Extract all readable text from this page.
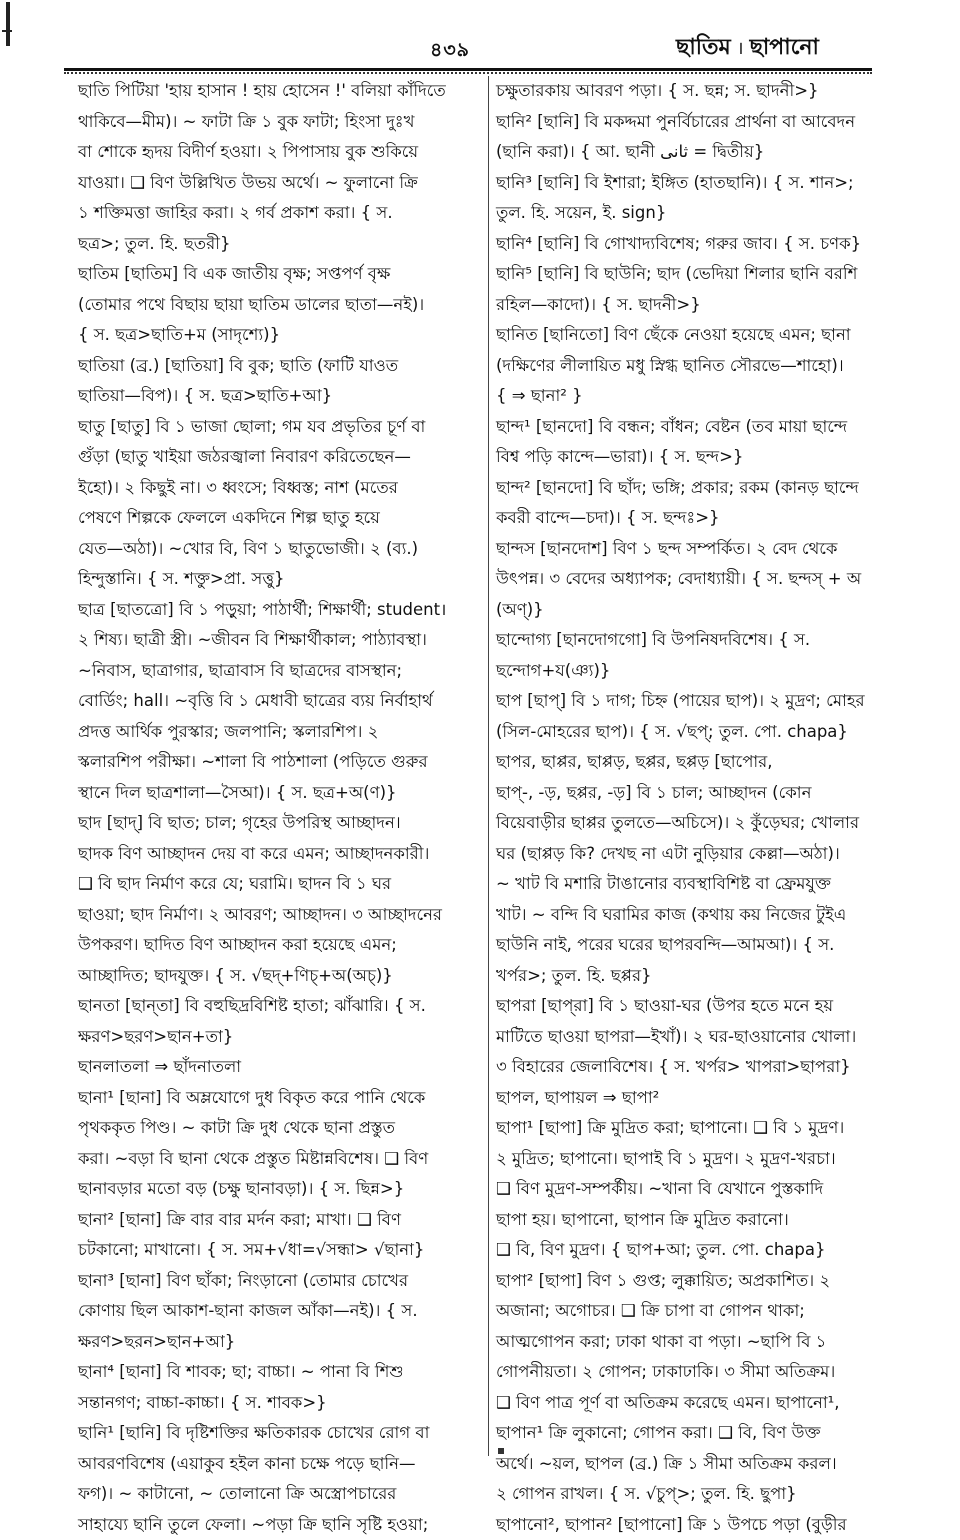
৪৩৯	ছাতিম । ছাপানো
ছাতি পিটিয়া 'হায় হাসান ! হায় হোসেন !' বলিয়া কাঁদিতে
থাকিবে—মীম)। ~ ফাটা ক্রি ১ বুক ফাটা; হিংসা দুঃখ
বা শোকে হৃদয় বিদীর্ণ হওয়া। ২ পিপাসায় বুক শুকিয়ে
যাওয়া। ❑ বিণ উল্লিখিত উভয় অর্থে। ~ ফুলানো ক্রি
১ শক্তিমত্তা জাহির করা। ২ গর্ব প্রকাশ করা। { স.
ছত্র>; তুল. হি. ছতরী}
ছাতিম [ছাতিম] বি এক জাতীয় বৃক্ষ; সপ্তপর্ণ বৃক্ষ
(তোমার পথে বিছায় ছায়া ছাতিম ডালের ছাতা—নই)।
{ স. ছত্র>ছাতি+ম (সাদৃশ্যে)}
ছাতিয়া (ব্র.) [ছাতিয়া] বি বুক; ছাতি (ফাটি যাওত
ছাতিয়া—বিপ)। { স. ছত্র>ছাতি+আ}
ছাতু [ছাতু] বি ১ ভাজা ছোলা; গম যব প্রভৃতির চূর্ণ বা
গুঁড়া (ছাতু খাইয়া জঠরজ্বালা নিবারণ করিতেছেন—
ইহো)। ২ কিছুই না। ৩ ধ্বংসে; বিধ্বস্ত; নাশ (মতের
পেষণে শিল্পকে ফেললে একদিনে শিল্প ছাতু হয়ে
যেত—অঠা)। ~খোর বি, বিণ ১ ছাতুভোজী। ২ (ব্য.)
হিন্দুস্তানি। { স. শক্তু>প্রা. সত্তু}
ছাত্র [ছাতত্রো] বি ১ পড়ুয়া; পাঠার্থী; শিক্ষার্থী; student।
২ শিষ্য। ছাত্রী স্ত্রী। ~জীবন বি শিক্ষার্থীকাল; পাঠ্যাবস্থা।
~নিবাস, ছাত্রাগার, ছাত্রাবাস বি ছাত্রদের বাসস্থান;
বোর্ডিং; hall। ~বৃত্তি বি ১ মেধাবী ছাত্রের ব্যয় নির্বাহার্থ
প্রদত্ত আর্থিক পুরস্কার; জলপানি; স্কলারশিপ। ২
স্কলারশিপ পরীক্ষা। ~শালা বি পাঠশালা (পড়িতে গুরুর
স্থানে দিল ছাত্রশালা—সৈআ)। { স. ছত্র+অ(ণ)}
ছাদ [ছাদ্] বি ছাত; চাল; গৃহের উপরিস্থ আচ্ছাদন।
ছাদক বিণ আচ্ছাদন দেয় বা করে এমন; আচ্ছাদনকারী।
❑ বি ছাদ নির্মাণ করে যে; ঘরামি। ছাদন বি ১ ঘর
ছাওয়া; ছাদ নির্মাণ। ২ আবরণ; আচ্ছাদন। ৩ আচ্ছাদনের
উপকরণ। ছাদিত বিণ আচ্ছাদন করা হয়েছে এমন;
আচ্ছাদিত; ছাদযুক্ত। { স. √ছদ্+ণিচ্+অ(অচ্)}
ছানতা [ছান্‌তা] বি বহুছিদ্রবিশিষ্ট হাতা; ঝাঁঝারি। { স.
ক্ষরণ>ছরণ>ছান+তা}
ছানলাতলা ⇒ ছাঁদনাতলা
ছানা¹ [ছানা] বি অম্লযোগে দুধ বিকৃত করে পানি থেকে
পৃথককৃত পিণ্ড। ~ কাটা ক্রি দুধ থেকে ছানা প্রস্তুত
করা। ~বড়া বি ছানা থেকে প্রস্তুত মিষ্টান্নবিশেষ। ❑ বিণ
ছানাবড়ার মতো বড় (চক্ষু ছানাবড়া)। { স. ছিন্ন>}
ছানা² [ছানা] ক্রি বার বার মর্দন করা; মাখা। ❑ বিণ
চটকানো; মাখানো। { স. সম+√ধা=√সন্ধা> √ছানা}
ছানা³ [ছানা] বিণ ছাঁকা; নিংড়ানো (তোমার চোখের
কোণায় ছিল আকাশ-ছানা কাজল আঁকা—নই)। { স.
ক্ষরণ>ছরন>ছান+আ}
ছানা⁴ [ছানা] বি শাবক; ছা; বাচ্চা। ~ পানা বি শিশু
সন্তানগণ; বাচ্চা-কাচ্চা। { স. শাবক>}
ছানি¹ [ছানি] বি দৃষ্টিশক্তির ক্ষতিকারক চোখের রোগ বা
আবরণবিশেষ (এয়াকুব হইল কানা চক্ষে পড়ে ছানি—
ফগ)। ~ কাটানো, ~ তোলানো ক্রি অস্ত্রোপচারের
সাহায্যে ছানি তুলে ফেলা। ~পড়া ক্রি ছানি সৃষ্টি হওয়া;
চক্ষুতারকায় আবরণ পড়া। { স. ছন্ন; স. ছাদনী>}
ছানি² [ছানি] বি মকদ্দমা পুনর্বিচারের প্রার্থনা বা আবেদন
(ছানি করা)। { আ. ছানী ثانى = দ্বিতীয়}
ছানি³ [ছানি] বি ইশারা; ইঙ্গিত (হাতছানি)। { স. শান>;
তুল. হি. সয়েন, ই. sign}
ছানি⁴ [ছানি] বি গোখাদ্যবিশেষ; গরুর জাব। { স. চণক}
ছানি⁵ [ছানি] বি ছাউনি; ছাদ (ভেদিয়া শিলার ছানি বরশি
রহিল—কাদো)। { স. ছাদনী>}
ছানিত [ছানিতো] বিণ ছেঁকে নেওয়া হয়েছে এমন; ছানা
(দক্ষিণের লীলায়িত মধু স্নিগ্ধ ছানিত সৌরভে—শাহো)।
{ ⇒ ছানা² }
ছান্দ¹ [ছানদো] বি বন্ধন; বাঁধন; বেষ্টন (তব মায়া ছান্দে
বিশ্ব পড়ি কান্দে—ভারা)। { স. ছন্দ>}
ছান্দ² [ছানদো] বি ছাঁদ; ভঙ্গি; প্রকার; রকম (কানড় ছান্দে
কবরী বান্দে—চদা)। { স. ছন্দঃ>}
ছান্দস [ছানদোশ] বিণ ১ ছন্দ সম্পর্কিত। ২ বেদ থেকে
উৎপন্ন। ৩ বেদের অধ্যাপক; বেদাধ্যায়ী। { স. ছন্দস্ + অ
(অণ্)}
ছান্দোগ্য [ছানদোগগো] বি উপনিষদবিশেষ। { স.
ছন্দোগ+য(ঞ্য)}
ছাপ [ছাপ্] বি ১ দাগ; চিহ্ন (পায়ের ছাপ)। ২ মুদ্রণ; মোহর
(সিল-মোহরের ছাপ)। { স. √ছপ্; তুল. পো. chapa}
ছাপর, ছাপ্পর, ছাপ্পড়, ছপ্পর, ছপ্পড় [ছাপোর,
ছাপ্-, -ড়, ছপ্পর, -ড়] বি ১ চাল; আচ্ছাদন (কোন
বিয়েবাড়ীর ছাপ্পর তুলতে—অচিসে)। ২ কুঁড়েঘর; খোলার
ঘর (ছাপ্পড় কি? দেখছ না এটা নুড়িয়ার কেল্লা—অঠা)।
~ খাট বি মশারি টাঙানোর ব্যবস্থাবিশিষ্ট বা ফ্রেমযুক্ত
খাট। ~ বন্দি বি ঘরামির কাজ (কথায় কয় নিজের টুইএ
ছাউনি নাই, পরের ঘরের ছাপরবন্দি—আমআ)। { স.
খর্পর>; তুল. হি. ছপ্পর}
ছাপরা [ছাপ্‌রা] বি ১ ছাওয়া-ঘর (উপর হতে মনে হয়
মাটিতে ছাওয়া ছাপরা—ইখাঁ)। ২ ঘর-ছাওয়ানোর খোলা।
৩ বিহারের জেলাবিশেষ। { স. খর্পর> খাপরা>ছাপরা}
ছাপল, ছাপায়ল ⇒ ছাপা²
ছাপা¹ [ছাপা] ক্রি মুদ্রিত করা; ছাপানো। ❑ বি ১ মুদ্রণ।
২ মুদ্রিত; ছাপানো। ছাপাই বি ১ মুদ্রণ। ২ মুদ্রণ-খরচা।
❑ বিণ মুদ্রণ-সম্পর্কীয়। ~খানা বি যেখানে পুস্তকাদি
ছাপা হয়। ছাপানো, ছাপান ক্রি মুদ্রিত করানো।
❑ বি, বিণ মুদ্রণ। { ছাপ+আ; তুল. পো. chapa}
ছাপা² [ছাপা] বিণ ১ গুপ্ত; লুক্কায়িত; অপ্রকাশিত। ২
অজানা; অগোচর। ❑ ক্রি চাপা বা গোপন থাকা;
আত্মগোপন করা; ঢাকা থাকা বা পড়া। ~ছাপি বি ১
গোপনীয়তা। ২ গোপন; ঢাকাঢাকি। ৩ সীমা অতিক্রম।
❑ বিণ পাত্র পূর্ণ বা অতিক্রম করেছে এমন। ছাপানো¹,
ছাপান¹ ক্রি লুকানো; গোপন করা। ❑ বি, বিণ উক্ত
অর্থে। ~য়ল, ছাপল (ব্র.) ক্রি ১ সীমা অতিক্রম করল।
২ গোপন রাখল। { স. √চুপ্>; তুল. হি. ছুপা}
ছাপানো², ছাপান² [ছাপানো] ক্রি ১ উপচে পড়া (বুড়ীর
